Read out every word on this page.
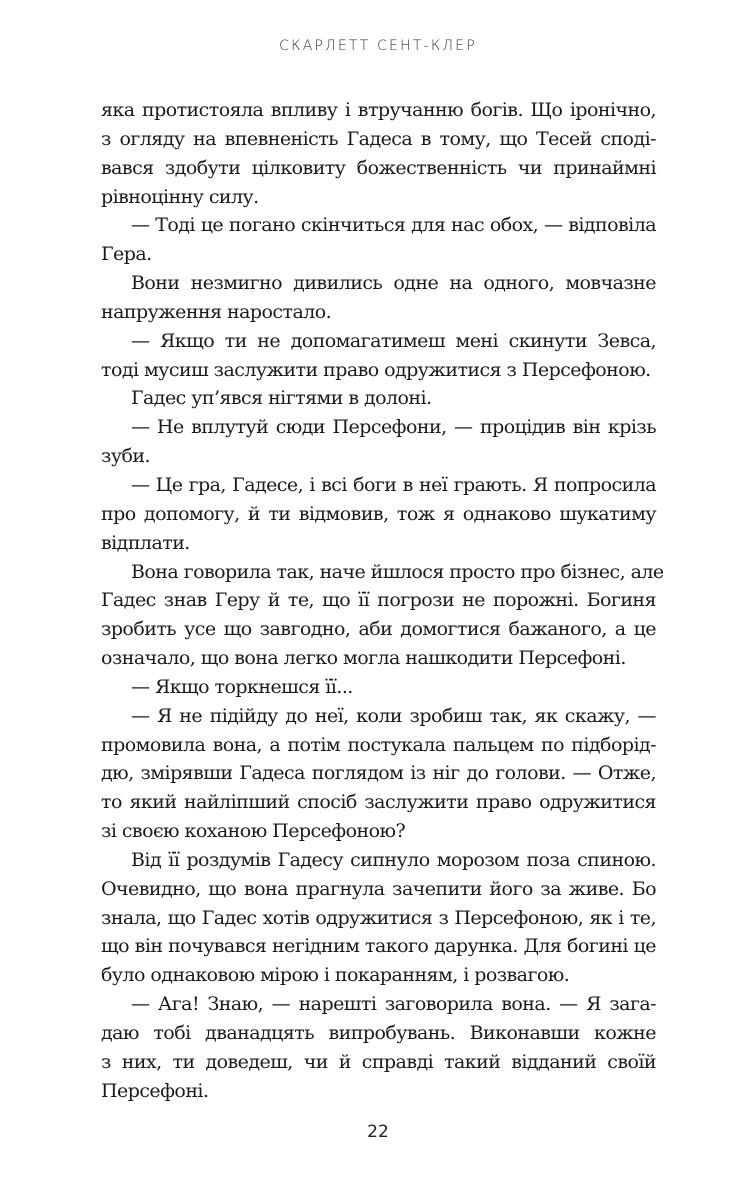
СКАРЛЕТТ СЕНТ-КЛЕР
яка протистояла впливу і втручанню богів. Що іронічно,
з огляду на впевненість Гадеса в тому, що Тесей сподi-
вався здобути цілковиту божественність чи принаймні
рівноцінну силу.
— Тоді це погано скінчиться для нас обох, — відповіла
Гера.
Вони незмигно дивились одне на одного, мовчазне
напруження наростало.
— Якщо ти не допомагатимеш мені скинути Зевса,
тоді мусиш заслужити право одружитися з Персефоною.
Гадес уп’явся нігтями в долоні.
— Не вплутуй сюди Персефони, — процідив він крізь
зуби.
— Це гра, Гадесе, і всі боги в неї грають. Я попросила
про допомогу, й ти відмовив, тож я однаково шукатиму
відплати.
Вона говорила так, наче йшлося просто про бізнес, але
Гадес знав Геру й те, що її погрози не порожні. Богиня
зробить усе що завгодно, аби домогтися бажаного, а це
означало, що вона легко могла нашкодити Персефоні.
— Якщо торкнешся її...
— Я не підійду до неї, коли зробиш так, як скажу, —
промовила вона, а потім постукала пальцем по підборід-
дю, змірявши Гадеса поглядом із ніг до голови. — Отже,
то який найліпший спосіб заслужити право одружитися
зі своєю коханою Персефоною?
Від її роздумів Гадесу сипнуло морозом поза спиною.
Очевидно, що вона прагнула зачепити його за живе. Бо
знала, що Гадес хотів одружитися з Персефоною, як і те,
що він почувався негідним такого дарунка. Для богині це
було однаковою мірою і покаранням, і розвагою.
— Ага! Знаю, — нарешті заговорила вона. — Я зага-
даю тобі дванадцять випробувань. Виконавши кожне
з них, ти доведеш, чи й справді такий відданий своїй
Персефоні.
22
